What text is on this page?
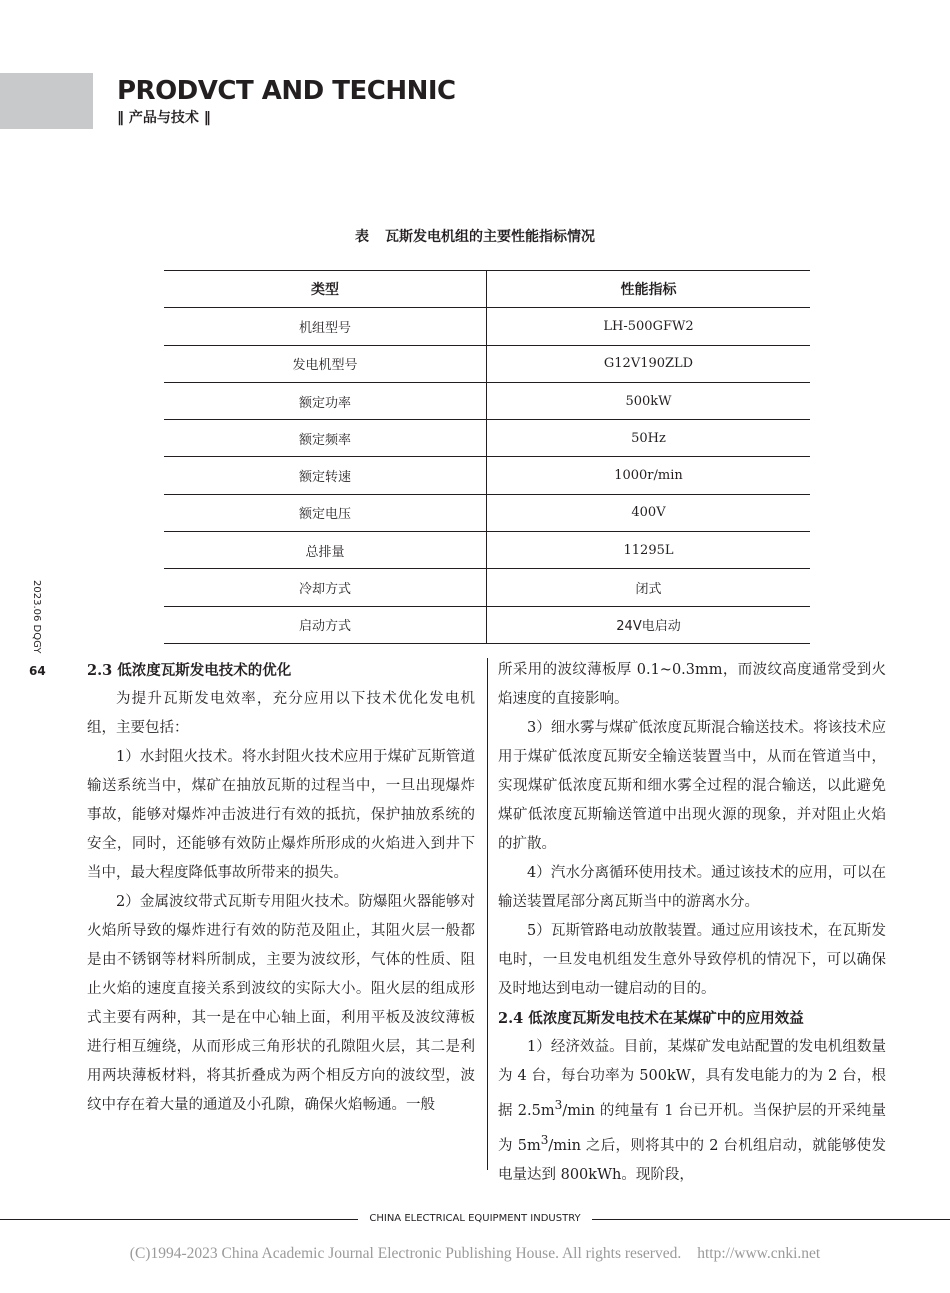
PRODVCT AND TECHNIC
‖ 产品与技术 ‖
表 瓦斯发电机组的主要性能指标情况
类型	性能指标
机组型号	LH-500GFW2
发电机型号	G12V190ZLD
额定功率	500kW
额定频率	50Hz
额定转速	1000r/min
额定电压	400V
总排量	11295L
冷却方式	闭式
启动方式	24V电启动
2023.06 DQGY
64	2.3 低浓度瓦斯发电技术的优化

为提升瓦斯发电效率，充分应用以下技术优化发电机组，主要包括：

1）水封阻火技术。将水封阻火技术应用于煤矿瓦斯管道输送系统当中，煤矿在抽放瓦斯的过程当中，一旦出现爆炸事故，能够对爆炸冲击波进行有效的抵抗，保护抽放系统的安全，同时，还能够有效防止爆炸所形成的火焰进入到井下当中，最大程度降低事故所带来的损失。

2）金属波纹带式瓦斯专用阻火技术。防爆阻火器能够对火焰所导致的爆炸进行有效的防范及阻止，其阻火层一般都是由不锈钢等材料所制成，主要为波纹形，气体的性质、阻止火焰的速度直接关系到波纹的实际大小。阻火层的组成形式主要有两种，其一是在中心轴上面，利用平板及波纹薄板进行相互缠绕，从而形成三角形状的孔隙阻火层，其二是利用两块薄板材料，将其折叠成为两个相反方向的波纹型，波纹中存在着大量的通道及小孔隙，确保火焰畅通。一般

所采用的波纹薄板厚 0.1~0.3mm，而波纹高度通常受到火焰速度的直接影响。

3）细水雾与煤矿低浓度瓦斯混合输送技术。将该技术应用于煤矿低浓度瓦斯安全输送装置当中，从而在管道当中，实现煤矿低浓度瓦斯和细水雾全过程的混合输送，以此避免煤矿低浓度瓦斯输送管道中出现火源的现象，并对阻止火焰的扩散。

4）汽水分离循环使用技术。通过该技术的应用，可以在输送装置尾部分离瓦斯当中的游离水分。

5）瓦斯管路电动放散装置。通过应用该技术，在瓦斯发电时，一旦发电机组发生意外导致停机的情况下，可以确保及时地达到电动一键启动的目的。

2.4 低浓度瓦斯发电技术在某煤矿中的应用效益

1）经济效益。目前，某煤矿发电站配置的发电机组数量为 4 台，每台功率为 500kW，具有发电能力的为 2 台，根据 $2.5m^3/\min$ 的纯量有 1 台已开机。当保护层的开采纯量为 $5m^3/\min$ 之后，则将其中的 2 台机组启动，就能够使发电量达到 800kWh。现阶段，

CHINA ELECTRICAL EQUIPMENT INDUSTRY
(C)1994-2023 China Academic Journal Electronic Publishing House. All rights reserved. http://www.cnki.net
